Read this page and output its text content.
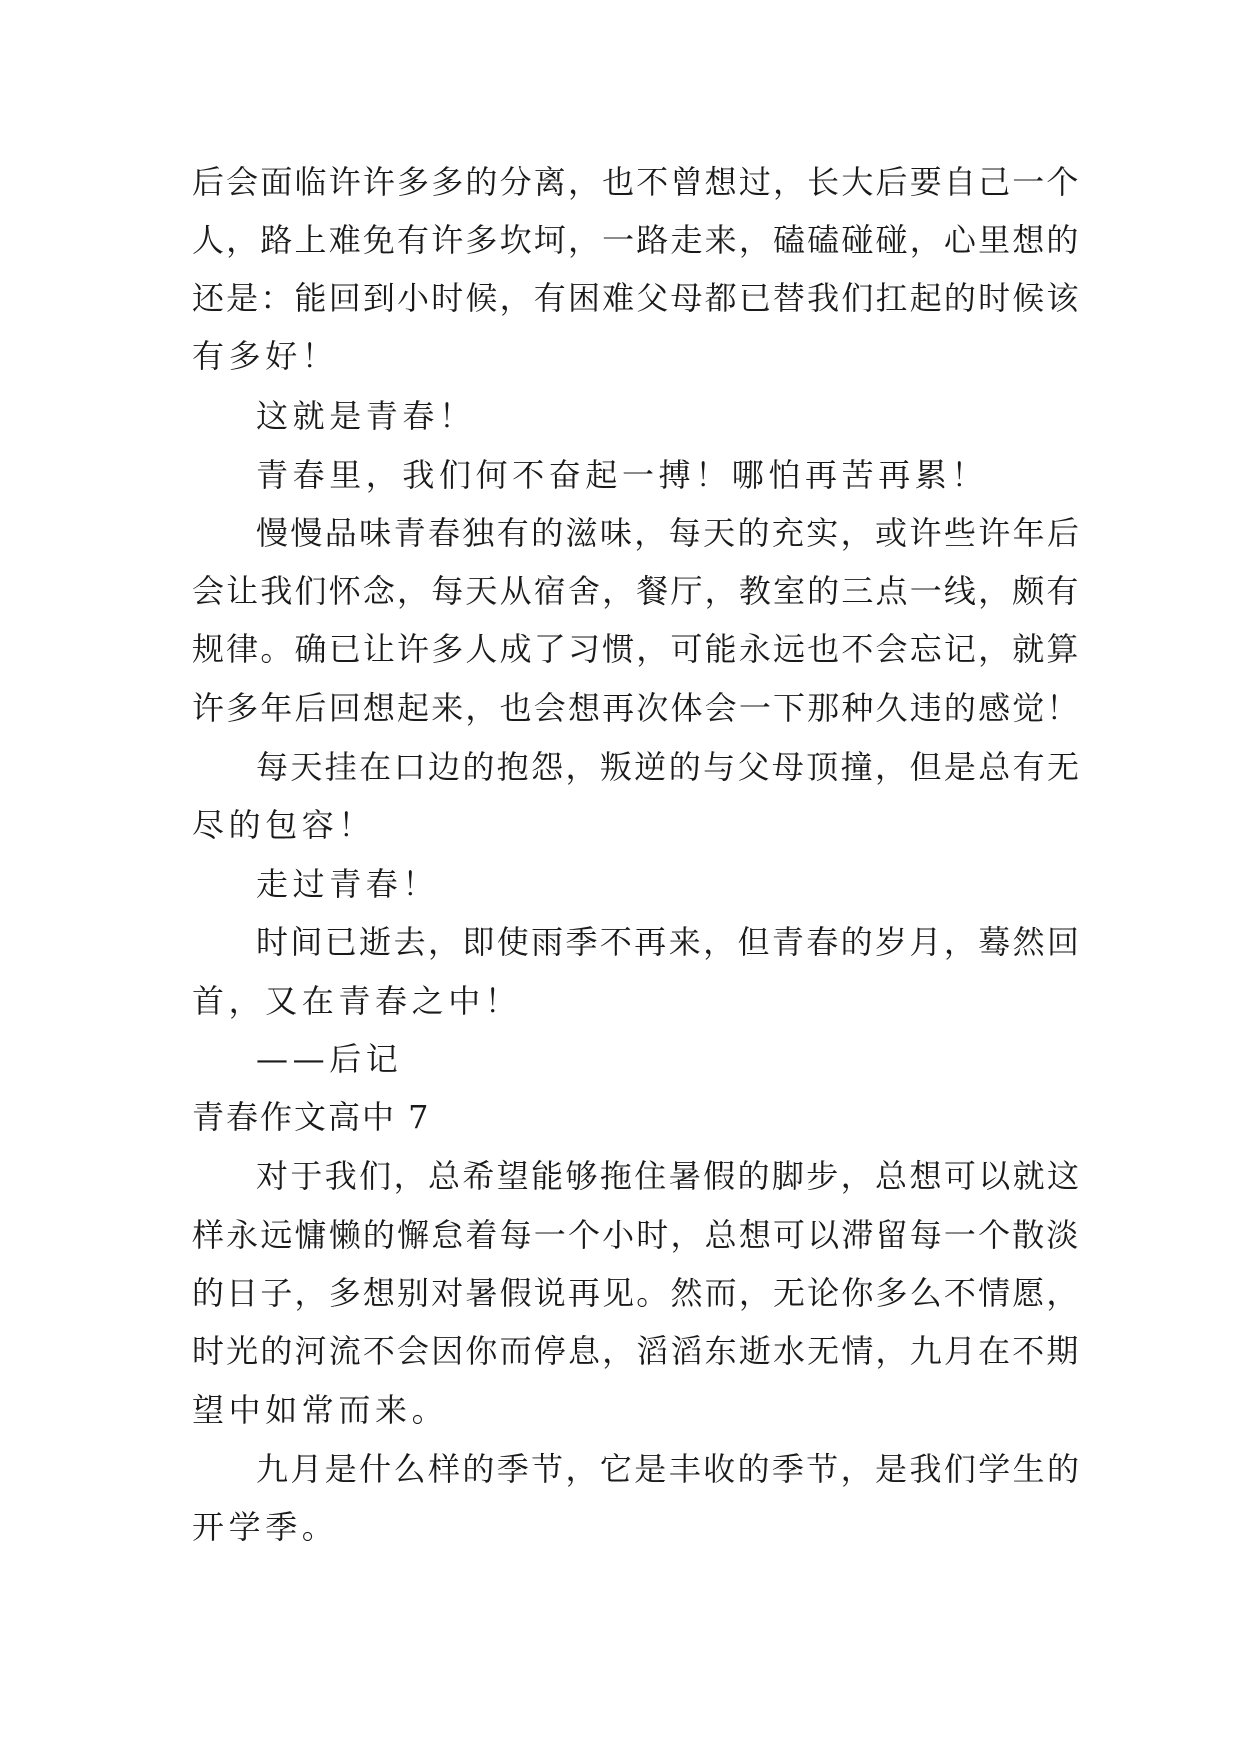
后会面临许许多多的分离，也不曾想过，长大后要自己一个
人，路上难免有许多坎坷，一路走来，磕磕碰碰，心里想的
还是：能回到小时候，有困难父母都已替我们扛起的时候该
有多好！
这就是青春！
青春里，我们何不奋起一搏！哪怕再苦再累！
慢慢品味青春独有的滋味，每天的充实，或许些许年后
会让我们怀念，每天从宿舍，餐厅，教室的三点一线，颇有
规律。确已让许多人成了习惯，可能永远也不会忘记，就算
许多年后回想起来，也会想再次体会一下那种久违的感觉！
每天挂在口边的抱怨，叛逆的与父母顶撞，但是总有无
尽的包容！
走过青春！
时间已逝去，即使雨季不再来，但青春的岁月，蓦然回
首，又在青春之中！
——后记
青春作文高中 7
对于我们，总希望能够拖住暑假的脚步，总想可以就这
样永远慵懒的懈怠着每一个小时，总想可以滞留每一个散淡
的日子，多想别对暑假说再见。然而，无论你多么不情愿，
时光的河流不会因你而停息，滔滔东逝水无情，九月在不期
望中如常而来。
九月是什么样的季节，它是丰收的季节，是我们学生的
开学季。
